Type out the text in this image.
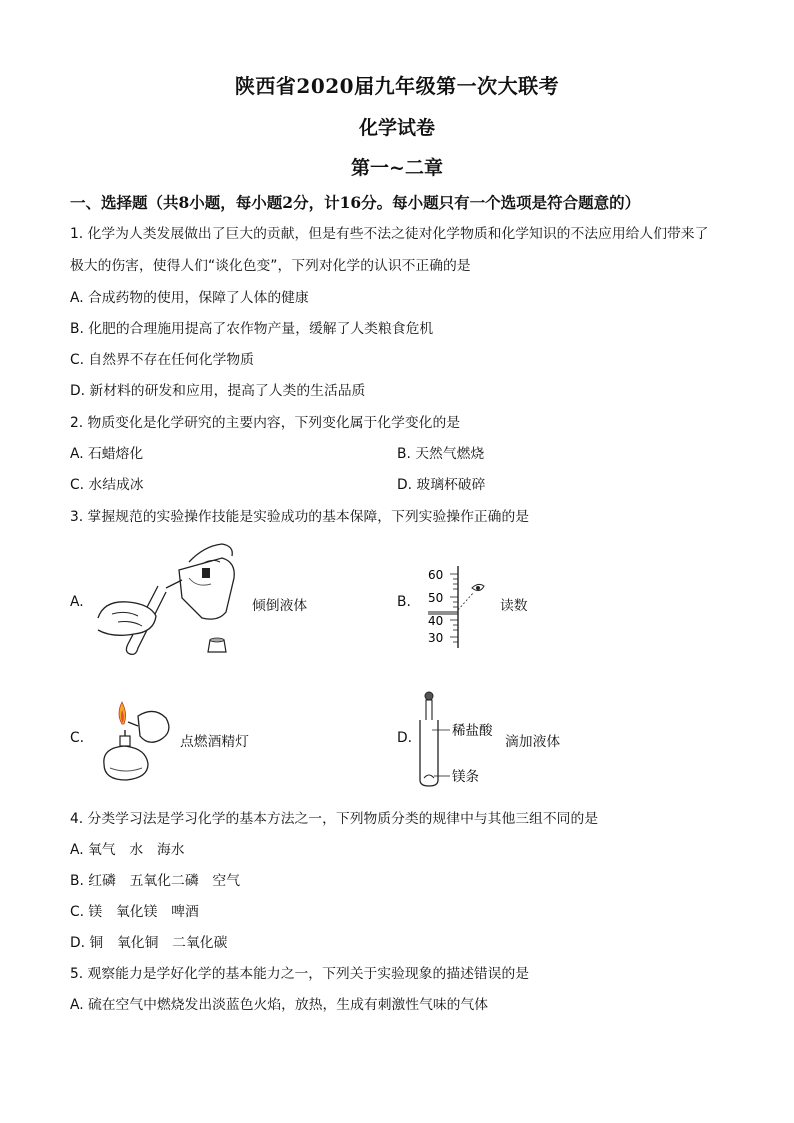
陕西省2020届九年级第一次大联考
化学试卷
第一~二章
一、选择题（共8小题，每小题2分，计16分。每小题只有一个选项是符合题意的）
1. 化学为人类发展做出了巨大的贡献，但是有些不法之徒对化学物质和化学知识的不法应用给人们带来了
极大的伤害，使得人们“谈化色变”，下列对化学的认识不正确的是
A. 合成药物的使用，保障了人体的健康
B. 化肥的合理施用提高了农作物产量，缓解了人类粮食危机
C. 自然界不存在任何化学物质
D. 新材料的研发和应用，提高了人类的生活品质
2. 物质变化是化学研究的主要内容，下列变化属于化学变化的是
A. 石蜡熔化	B. 天然气燃烧
C. 水结成冰	D. 玻璃杯破碎
3. 掌握规范的实验操作技能是实验成功的基本保障，下列实验操作正确的是
A.	倾倒液体	B.
60
50
40
30
读数
C.	点燃酒精灯	D.	稀盐酸
镁条
滴加液体
4. 分类学习法是学习化学的基本方法之一，下列物质分类的规律中与其他三组不同的是
A. 氧气　水　海水
B. 红磷　五氧化二磷　空气
C. 镁　氧化镁　啤酒
D. 铜　氧化铜　二氧化碳
5. 观察能力是学好化学的基本能力之一，下列关于实验现象的描述错误的是
A. 硫在空气中燃烧发出淡蓝色火焰，放热，生成有刺激性气味的气体
